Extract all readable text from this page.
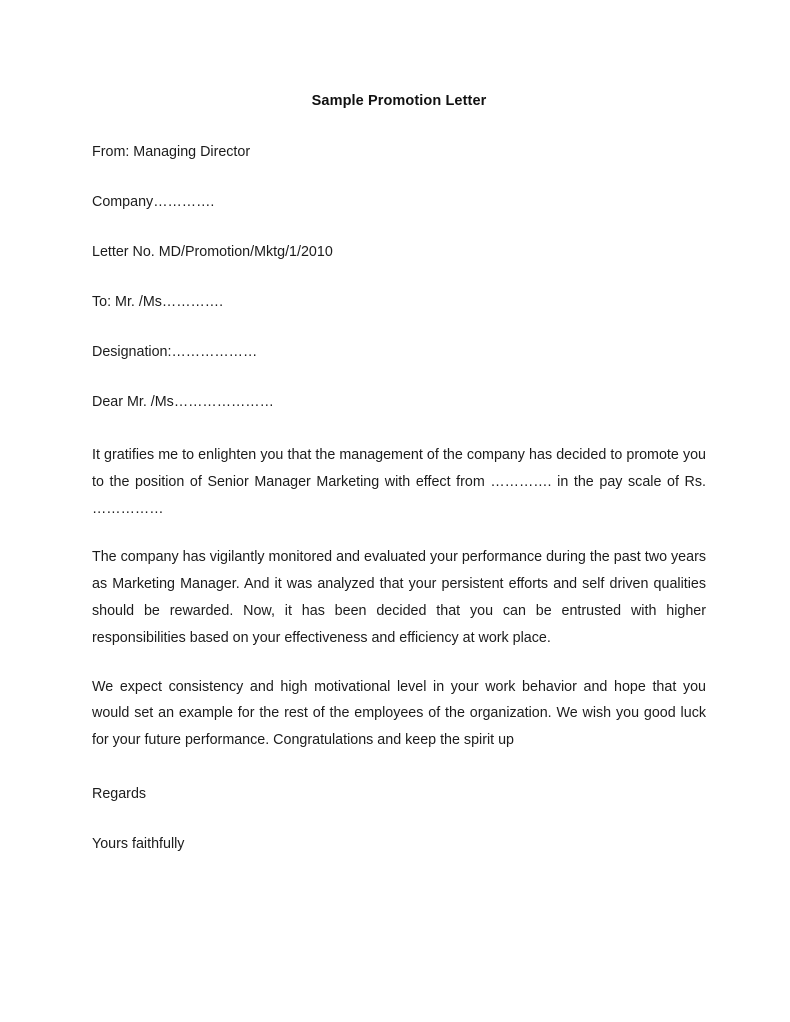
Sample Promotion Letter

From: Managing Director

Company………….

Letter No. MD/Promotion/Mktg/1/2010

To: Mr. /Ms………….

Designation:………………

Dear Mr. /Ms…………………

It gratifies me to enlighten you that the management of the company has decided to promote you to the position of Senior Manager Marketing with effect from …………. in the pay scale of Rs. ……………

The company has vigilantly monitored and evaluated your performance during the past two years as Marketing Manager. And it was analyzed that your persistent efforts and self driven qualities should be rewarded. Now, it has been decided that you can be entrusted with higher responsibilities based on your effectiveness and efficiency at work place.

We expect consistency and high motivational level in your work behavior and hope that you would set an example for the rest of the employees of the organization. We wish you good luck for your future performance. Congratulations and keep the spirit up

Regards

Yours faithfully
